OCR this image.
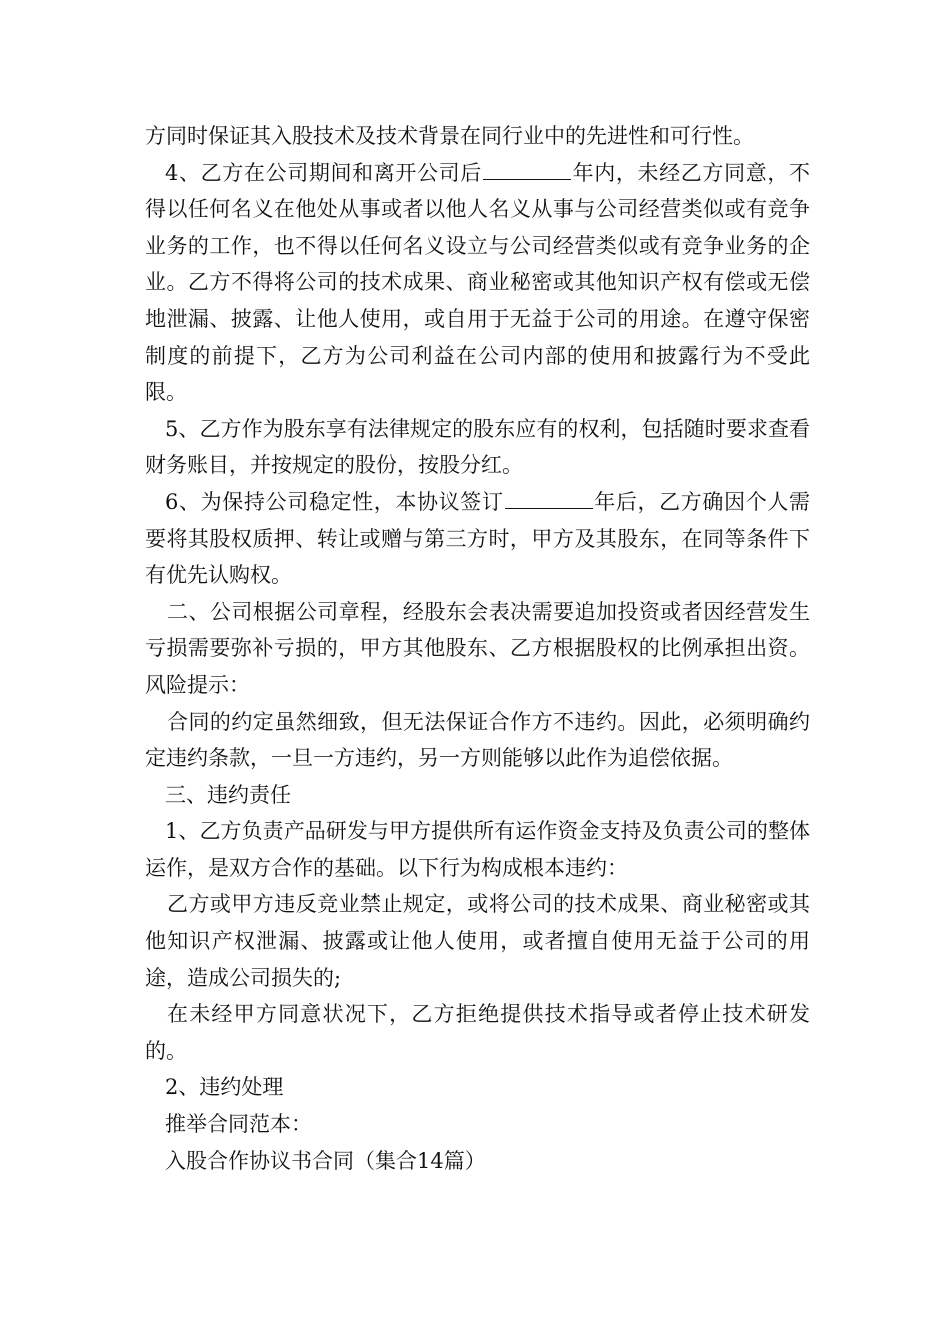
方同时保证其入股技术及技术背景在同行业中的先进性和可行性。

4、乙方在公司期间和离开公司后	年内，未经乙方同意，不得以任何名义在他处从事或者以他人名义从事与公司经营类似或有竞争业务的工作，也不得以任何名义设立与公司经营类似或有竞争业务的企业。乙方不得将公司的技术成果、商业秘密或其他知识产权有偿或无偿地泄漏、披露、让他人使用，或自用于无益于公司的用途。在遵守保密制度的前提下，乙方为公司利益在公司内部的使用和披露行为不受此限。

5、乙方作为股东享有法律规定的股东应有的权利，包括随时要求查看财务账目，并按规定的股份，按股分红。

6、为保持公司稳定性，本协议签订	年后，乙方确因个人需要将其股权质押、转让或赠与第三方时，甲方及其股东，在同等条件下有优先认购权。

二、公司根据公司章程，经股东会表决需要追加投资或者因经营发生亏损需要弥补亏损的，甲方其他股东、乙方根据股权的比例承担出资。风险提示：

合同的约定虽然细致，但无法保证合作方不违约。因此，必须明确约定违约条款，一旦一方违约，另一方则能够以此作为追偿依据。

三、违约责任

1、乙方负责产品研发与甲方提供所有运作资金支持及负责公司的整体运作，是双方合作的基础。以下行为构成根本违约：

乙方或甲方违反竞业禁止规定，或将公司的技术成果、商业秘密或其他知识产权泄漏、披露或让他人使用，或者擅自使用无益于公司的用途，造成公司损失的;

在未经甲方同意状况下，乙方拒绝提供技术指导或者停止技术研发的。

2、违约处理

推举合同范本：

入股合作协议书合同（集合14篇）
